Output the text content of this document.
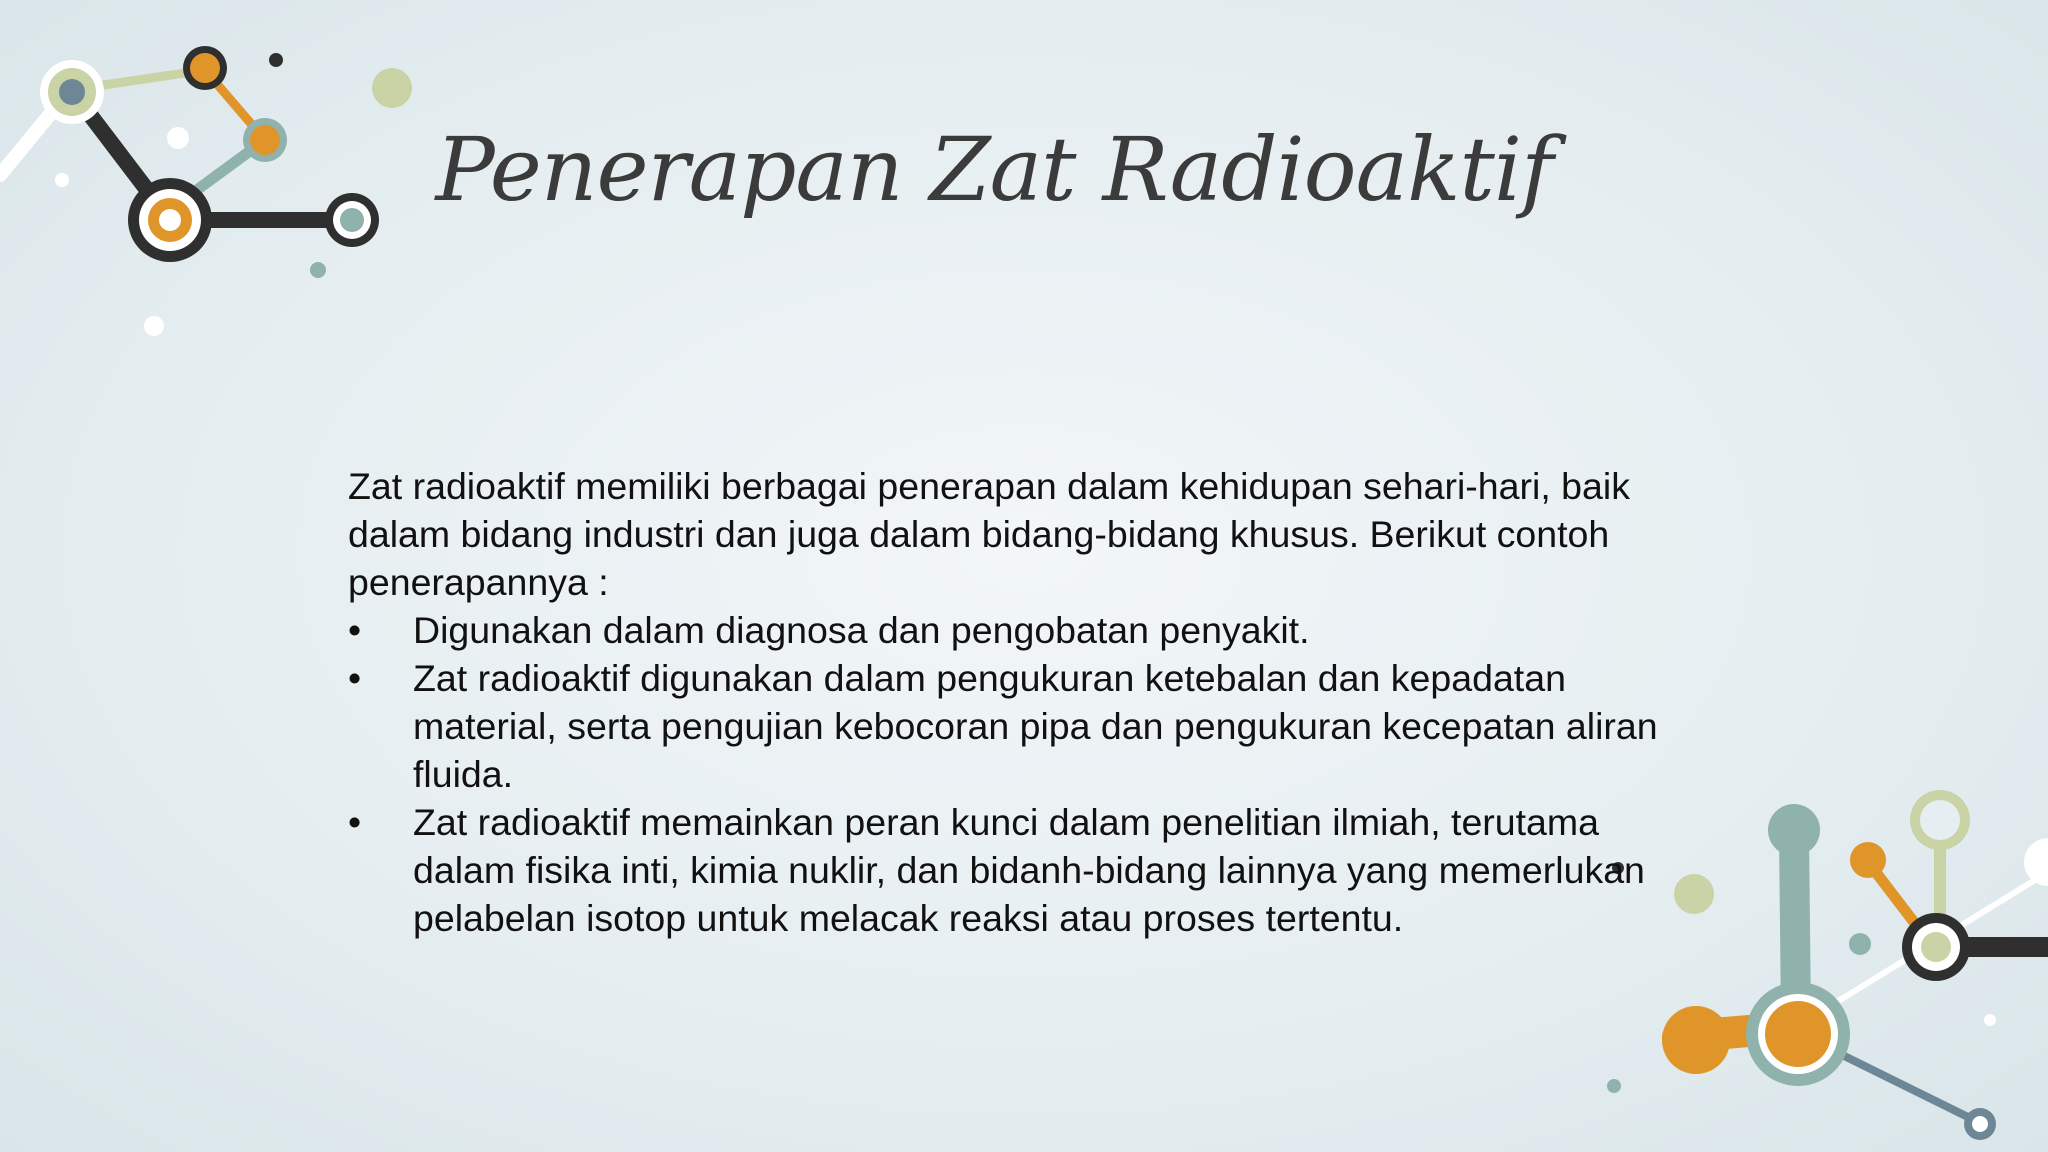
Penerapan Zat Radioaktif

Zat radioaktif memiliki berbagai penerapan dalam kehidupan sehari-hari, baik dalam bidang industri dan juga dalam bidang-bidang khusus. Berikut contoh penerapannya :

• Digunakan dalam diagnosa dan pengobatan penyakit.
• Zat radioaktif digunakan dalam pengukuran ketebalan dan kepadatan material, serta pengujian kebocoran pipa dan pengukuran kecepatan aliran fluida.
• Zat radioaktif memainkan peran kunci dalam penelitian ilmiah, terutama dalam fisika inti, kimia nuklir, dan bidanh-bidang lainnya yang memerlukan pelabelan isotop untuk melacak reaksi atau proses tertentu.
